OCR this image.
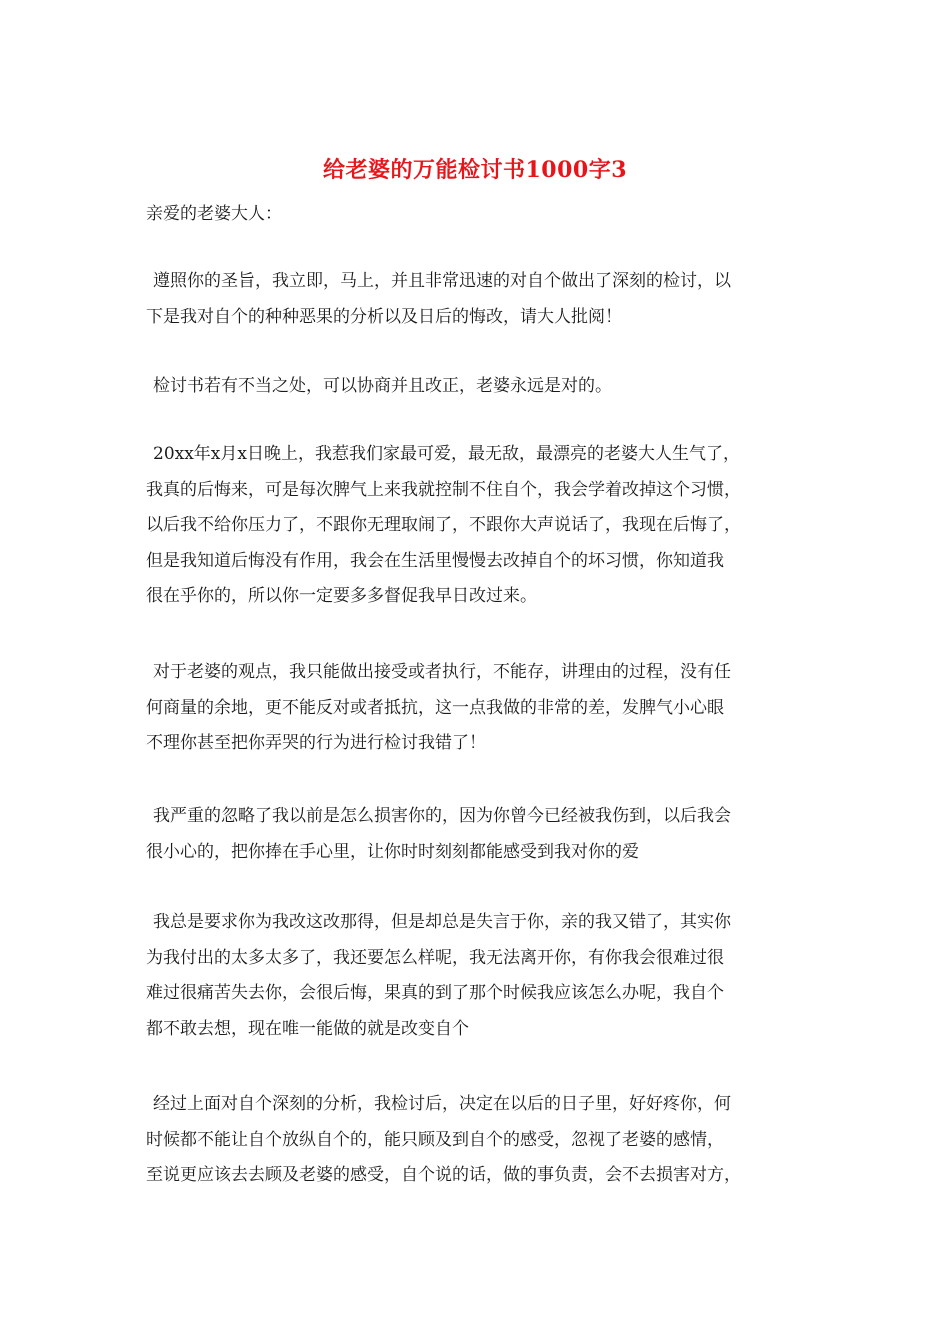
给老婆的万能检讨书1000字3
亲爱的老婆大人：
遵照你的圣旨，我立即，马上，并且非常迅速的对自个做出了深刻的检讨，以
下是我对自个的种种恶果的分析以及日后的悔改，请大人批阅！
检讨书若有不当之处，可以协商并且改正，老婆永远是对的。
20xx年x月x日晚上，我惹我们家最可爱，最无敌，最漂亮的老婆大人生气了，
我真的后悔来，可是每次脾气上来我就控制不住自个，我会学着改掉这个习惯，
以后我不给你压力了，不跟你无理取闹了，不跟你大声说话了，我现在后悔了，
但是我知道后悔没有作用，我会在生活里慢慢去改掉自个的坏习惯，你知道我
很在乎你的，所以你一定要多多督促我早日改过来。
对于老婆的观点，我只能做出接受或者执行，不能存，讲理由的过程，没有任
何商量的余地，更不能反对或者抵抗，这一点我做的非常的差，发脾气小心眼
不理你甚至把你弄哭的行为进行检讨我错了！
我严重的忽略了我以前是怎么损害你的，因为你曾今已经被我伤到，以后我会
很小心的，把你捧在手心里，让你时时刻刻都能感受到我对你的爱
我总是要求你为我改这改那得，但是却总是失言于你，亲的我又错了，其实你
为我付出的太多太多了，我还要怎么样呢，我无法离开你，有你我会很难过很
难过很痛苦失去你，会很后悔，果真的到了那个时候我应该怎么办呢，我自个
都不敢去想，现在唯一能做的就是改变自个
经过上面对自个深刻的分析，我检讨后，决定在以后的日子里，好好疼你，何
时候都不能让自个放纵自个的，能只顾及到自个的感受，忽视了老婆的感情，
至说更应该去去顾及老婆的感受，自个说的话，做的事负责，会不去损害对方，
